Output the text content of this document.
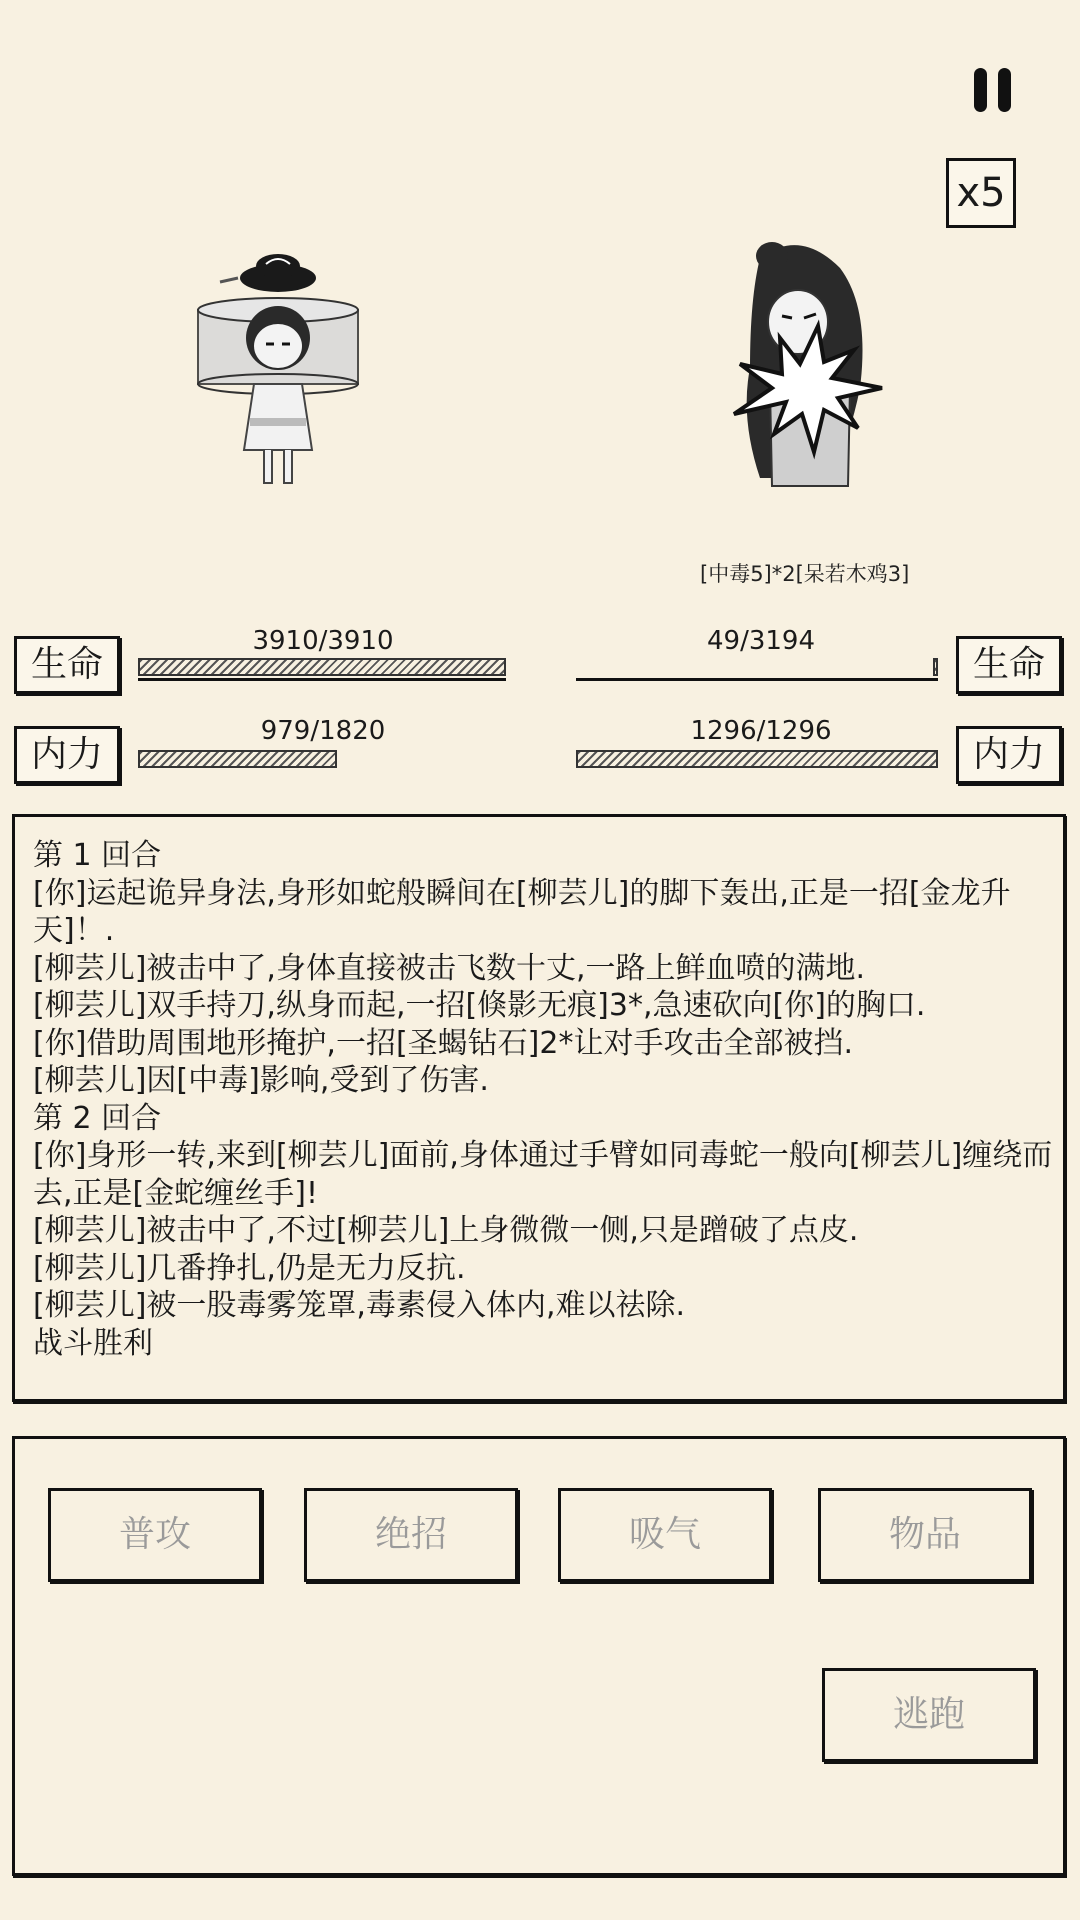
x5
[中毒5]*2[呆若木鸡3]
生命
3910/3910	49/3194
生命
内力
979/1820	1296/1296
内力
第 1 回合
[你]运起诡异身法,身形如蛇般瞬间在[柳芸儿]的脚下轰出,正是一招[金龙升天]！.
[柳芸儿]被击中了,身体直接被击飞数十丈,一路上鲜血喷的满地.
[柳芸儿]双手持刀,纵身而起,一招[倏影无痕]3*,急速砍向[你]的胸口.
[你]借助周围地形掩护,一招[圣蝎钻石]2*让对手攻击全部被挡.
[柳芸儿]因[中毒]影响,受到了伤害.
第 2 回合
[你]身形一转,来到[柳芸儿]面前,身体通过手臂如同毒蛇一般向[柳芸儿]缠绕而去,正是[金蛇缠丝手]!
[柳芸儿]被击中了,不过[柳芸儿]上身微微一侧,只是蹭破了点皮.
[柳芸儿]几番挣扎,仍是无力反抗.
[柳芸儿]被一股毒雾笼罩,毒素侵入体内,难以祛除.
战斗胜利
普攻	绝招	吸气	物品
逃跑
